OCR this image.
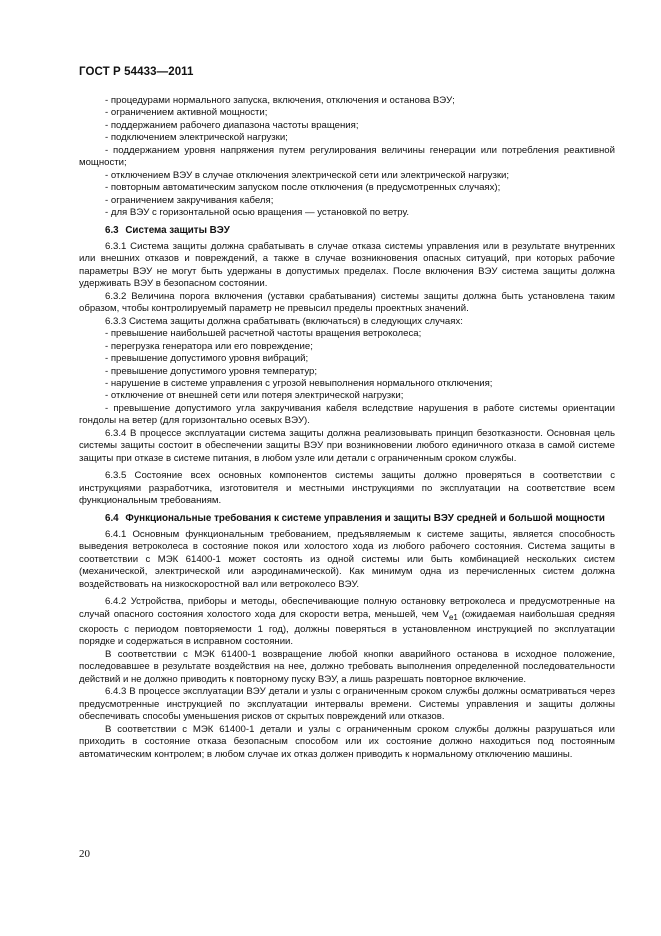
ГОСТ Р 54433—2011

- процедурами нормального запуска, включения, отключения и останова ВЭУ;

- ограничением активной мощности;

- поддержанием рабочего диапазона частоты вращения;

- подключением электрической нагрузки;

- поддержанием уровня напряжения путем регулирования величины генерации или потребления реактивной мощности;

- отключением ВЭУ в случае отключения электрической сети или электрической нагрузки;

- повторным автоматическим запуском после отключения (в предусмотренных случаях);

- ограничением закручивания кабеля;

- для ВЭУ с горизонтальной осью вращения — установкой по ветру.

6.3 Система защиты ВЭУ

6.3.1 Система защиты должна срабатывать в случае отказа системы управления или в результате внутренних или внешних отказов и повреждений, а также в случае возникновения опасных ситуаций, при которых рабочие параметры ВЭУ не могут быть удержаны в допустимых пределах. После включения ВЭУ система защиты должна удерживать ВЭУ в безопасном состоянии.

6.3.2 Величина порога включения (уставки срабатывания) системы защиты должна быть установлена таким образом, чтобы контролируемый параметр не превысил пределы проектных значений.

6.3.3 Система защиты должна срабатывать (включаться) в следующих случаях:

- превышение наибольшей расчетной частоты вращения ветроколеса;

- перегрузка генератора или его повреждение;

- превышение допустимого уровня вибраций;

- превышение допустимого уровня температур;

- нарушение в системе управления с угрозой невыполнения нормального отключения;

- отключение от внешней сети или потеря электрической нагрузки;

- превышение допустимого угла закручивания кабеля вследствие нарушения в работе системы ориентации гондолы на ветер (для горизонтально осевых ВЭУ).

6.3.4 В процессе эксплуатации система защиты должна реализовывать принцип безотказности. Основная цель системы защиты состоит в обеспечении защиты ВЭУ при возникновении любого единичного отказа в самой системе защиты при отказе в системе питания, в любом узле или детали с ограниченным сроком службы.

6.3.5 Состояние всех основных компонентов системы защиты должно проверяться в соответствии с инструкциями разработчика, изготовителя и местными инструкциями по эксплуатации на соответствие всем функциональным требованиям.

6.4 Функциональные требования к системе управления и защиты ВЭУ средней и большой мощности

6.4.1 Основным функциональным требованием, предъявляемым к системе защиты, является способность выведения ветроколеса в состояние покоя или холостого хода из любого рабочего состояния. Система защиты в соответствии с МЭК 61400-1 может состоять из одной системы или быть комбинацией нескольких систем (механической, электрической или аэродинамической). Как минимум одна из перечисленных систем должна воздействовать на низкоскоростной вал или ветроколесо ВЭУ.

6.4.2 Устройства, приборы и методы, обеспечивающие полную остановку ветроколеса и предусмотренные на случай опасного состояния холостого хода для скорости ветра, меньшей, чем $V_{e1}$ (ожидаемая наибольшая средняя скорость с периодом повторяемости 1 год), должны поверяться в установленном инструкцией по эксплуатации порядке и содержаться в исправном состоянии.

В соответствии с МЭК 61400-1 возвращение любой кнопки аварийного останова в исходное положение, последовавшее в результате воздействия на нее, должно требовать выполнения определенной последовательности действий и не должно приводить к повторному пуску ВЭУ, а лишь разрешать повторное включение.

6.4.3 В процессе эксплуатации ВЭУ детали и узлы с ограниченным сроком службы должны осматриваться через предусмотренные инструкцией по эксплуатации интервалы времени. Системы управления и защиты должны обеспечивать способы уменьшения рисков от скрытых повреждений или отказов.

В соответствии с МЭК 61400-1 детали и узлы с ограниченным сроком службы должны разрушаться или приходить в состояние отказа безопасным способом или их состояние должно находиться под постоянным автоматическим контролем; в любом случае их отказ должен приводить к нормальному отключению машины.

20
